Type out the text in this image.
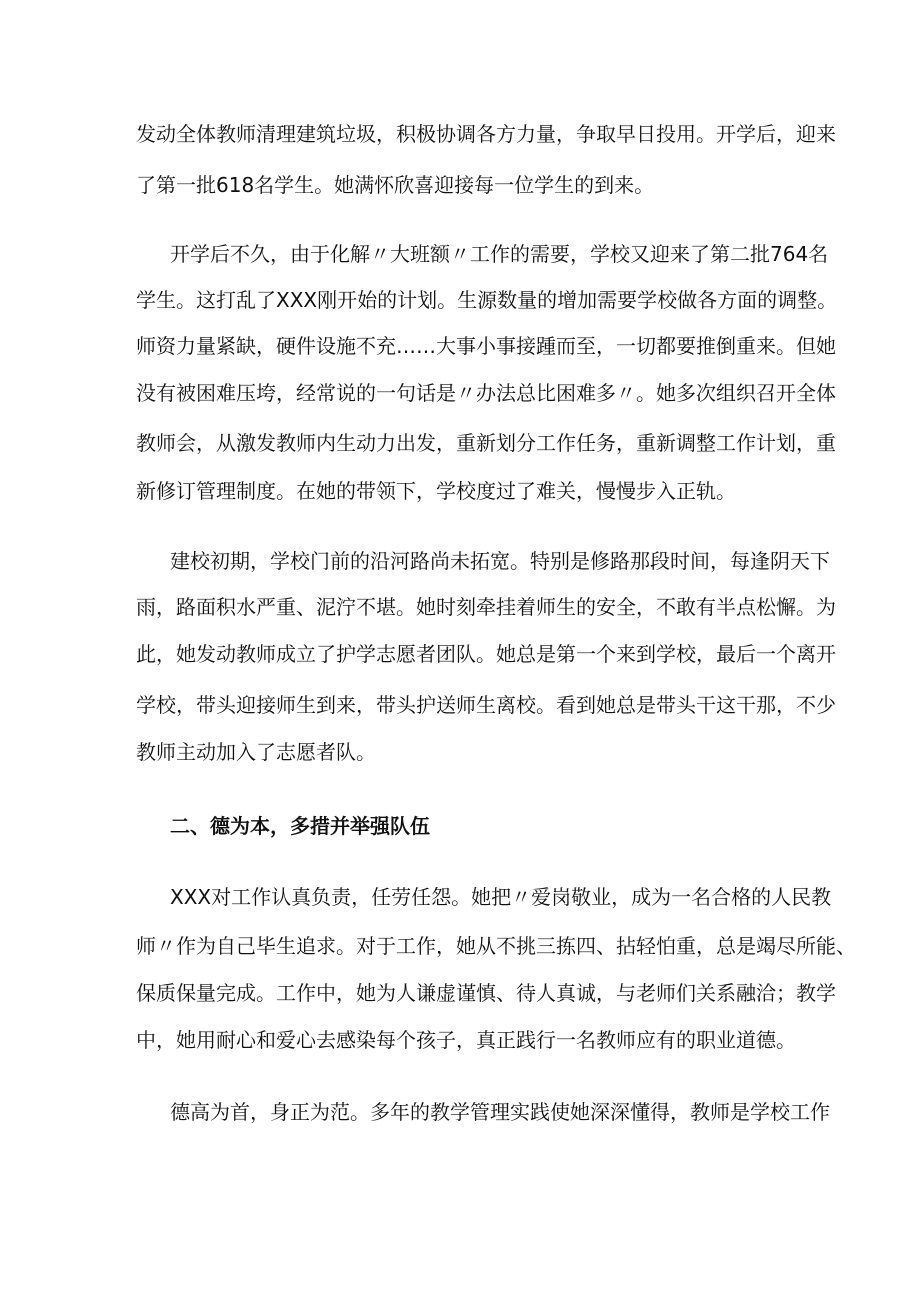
发动全体教师清理建筑垃圾，积极协调各方力量，争取早日投用。开学后，迎来
了第一批618名学生。她满怀欣喜迎接每一位学生的到来。
开学后不久，由于化解〃大班额〃工作的需要，学校又迎来了第二批764名
学生。这打乱了XXX刚开始的计划。生源数量的增加需要学校做各方面的调整。
师资力量紧缺，硬件设施不充……大事小事接踵而至，一切都要推倒重来。但她
没有被困难压垮，经常说的一句话是〃办法总比困难多〃。她多次组织召开全体
教师会，从激发教师内生动力出发，重新划分工作任务，重新调整工作计划，重
新修订管理制度。在她的带领下，学校度过了难关，慢慢步入正轨。
建校初期，学校门前的沿河路尚未拓宽。特别是修路那段时间，每逢阴天下
雨，路面积水严重、泥泞不堪。她时刻牵挂着师生的安全，不敢有半点松懈。为
此，她发动教师成立了护学志愿者团队。她总是第一个来到学校，最后一个离开
学校，带头迎接师生到来，带头护送师生离校。看到她总是带头干这干那，不少
教师主动加入了志愿者队。
二、德为本，多措并举强队伍
XXX对工作认真负责，任劳任怨。她把〃爱岗敬业，成为一名合格的人民教
师〃作为自己毕生追求。对于工作，她从不挑三拣四、拈轻怕重，总是竭尽所能、
保质保量完成。工作中，她为人谦虚谨慎、待人真诚，与老师们关系融洽；教学
中，她用耐心和爱心去感染每个孩子，真正践行一名教师应有的职业道德。
德高为首，身正为范。多年的教学管理实践使她深深懂得，教师是学校工作
